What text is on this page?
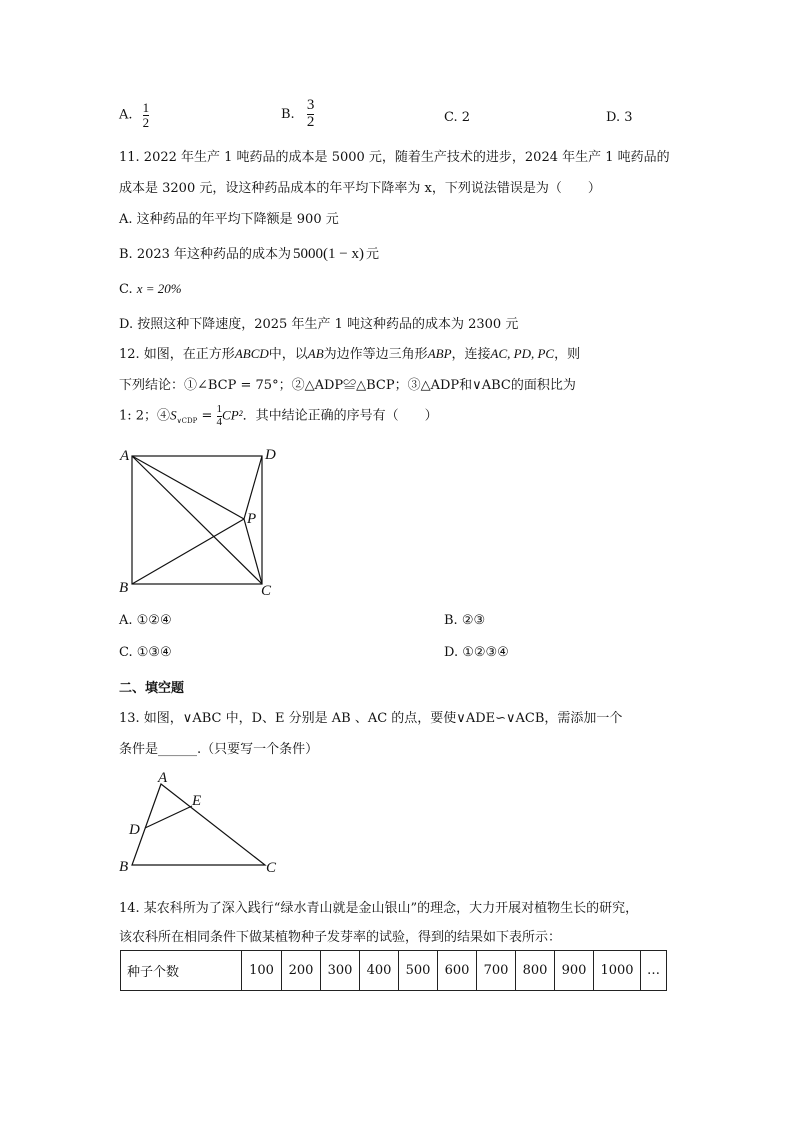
A. $\frac{1}{2}$	B. $\frac{3}{2}$	C. 2	D. 3
11. 2022 年生产 1 吨药品的成本是 5000 元，随着生产技术的进步，2024 年生产 1 吨药品的
成本是 3200 元，设这种药品成本的年平均下降率为 x，下列说法错误是为（　　）
A. 这种药品的年平均下降额是 900 元
B. 2023 年这种药品的成本为 5000(1 − x) 元
C. x = 20%
D. 按照这种下降速度，2025 年生产 1 吨这种药品的成本为 2300 元
12. 如图，在正方形ABCD中，以AB为边作等边三角形ABP，连接AC, PD, PC，则
下列结论：①∠BCP = 75°；②△ADP≌△BCP；③△ADP和∨ABC的面积比为
1: 2；$④S_{\vee CDP} = \frac{1}{4} CP^2$．其中结论正确的序号有（　　）
A	D
P
B	C
A. ①②④	B. ②③
C. ①③④	D. ①②③④
二、填空题
13. 如图，∨ABC 中，D、E 分别是 AB 、AC 的点，要使∨ADE∽∨ACB，需添加一个
条件是______.（只要写一个条件）
A
E
D
B	C
14. 某农科所为了深入践行“绿水青山就是金山银山”的理念，大力开展对植物生长的研究，
该农科所在相同条件下做某植物种子发芽率的试验，得到的结果如下表所示：
种子个数	100	200	300	400	500	600	700	800	900	1000	…
